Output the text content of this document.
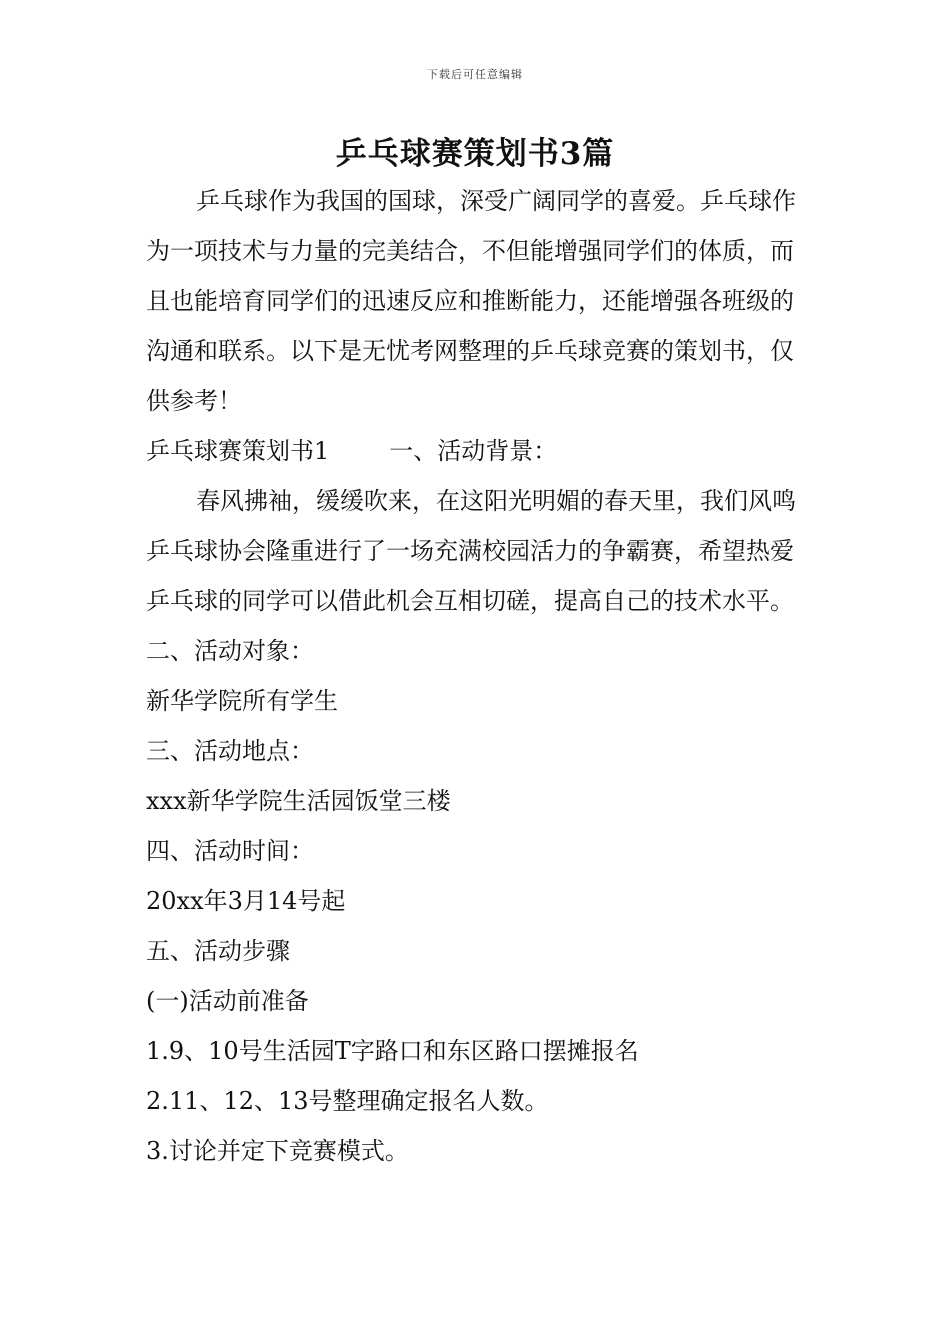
下载后可任意编辑
乒乓球赛策划书3篇

乒乓球作为我国的国球，深受广阔同学的喜爱。乒乓球作为一项技术与力量的完美结合，不但能增强同学们的体质，而且也能培育同学们的迅速反应和推断能力，还能增强各班级的沟通和联系。以下是无忧考网整理的乒乓球竞赛的策划书，仅供参考！

乒乓球赛策划书1	一、活动背景：

春风拂袖，缓缓吹来，在这阳光明媚的春天里，我们风鸣乒乓球协会隆重进行了一场充满校园活力的争霸赛，希望热爱乒乓球的同学可以借此机会互相切磋，提高自己的技术水平。

二、活动对象：

新华学院所有学生

三、活动地点：

xxx新华学院生活园饭堂三楼

四、活动时间：

20xx年3月14号起

五、活动步骤

(一)活动前准备

1.9、10号生活园T字路口和东区路口摆摊报名

2.11、12、13号整理确定报名人数。

3.讨论并定下竞赛模式。
